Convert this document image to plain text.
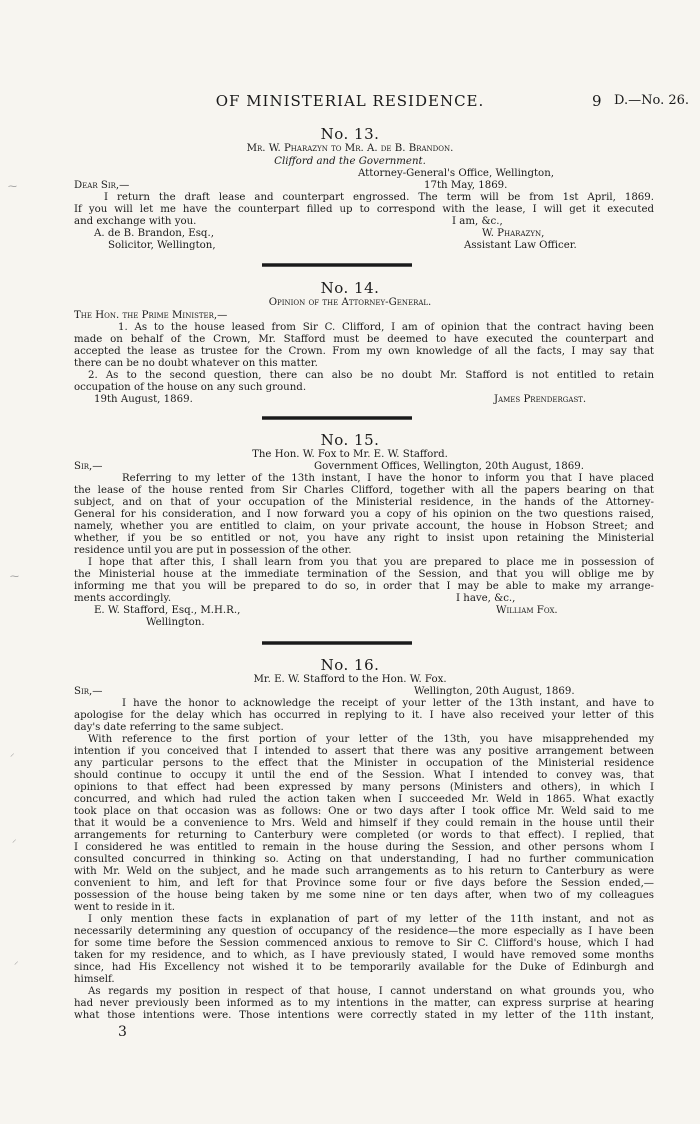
OF MINISTERIAL RESIDENCE.	9 D.—No. 26.
No. 13.
Mr. W. Pharazyn to Mr. A. de B. Brandon.
Clifford and the Government.
Attorney-General's Office, Wellington,
Dear Sir,—	17th May, 1869.
I return the draft lease and counterpart engrossed. The term will be from 1st April, 1869.
If you will let me have the counterpart filled up to correspond with the lease, I will get it executed
and exchange with you.	I am, &c.,
A. de B. Brandon, Esq.,	W. Pharazyn,
Solicitor, Wellington,	Assistant Law Officer.
No. 14.
Opinion of the Attorney-General.
The Hon. the Prime Minister,—
1. As to the house leased from Sir C. Clifford, I am of opinion that the contract having been
made on behalf of the Crown, Mr. Stafford must be deemed to have executed the counterpart and
accepted the lease as trustee for the Crown. From my own knowledge of all the facts, I may say that
there can be no doubt whatever on this matter.
2. As to the second question, there can also be no doubt Mr. Stafford is not entitled to retain
occupation of the house on any such ground.
19th August, 1869.	James Prendergast.
No. 15.
The Hon. W. Fox to Mr. E. W. Stafford.
Sir,—	Government Offices, Wellington, 20th August, 1869.
Referring to my letter of the 13th instant, I have the honor to inform you that I have placed
the lease of the house rented from Sir Charles Clifford, together with all the papers bearing on that
subject, and on that of your occupation of the Ministerial residence, in the hands of the Attorney-
General for his consideration, and I now forward you a copy of his opinion on the two questions raised,
namely, whether you are entitled to claim, on your private account, the house in Hobson Street; and
whether, if you be so entitled or not, you have any right to insist upon retaining the Ministerial
residence until you are put in possession of the other.
I hope that after this, I shall learn from you that you are prepared to place me in possession of
the Ministerial house at the immediate termination of the Session, and that you will oblige me by
informing me that you will be prepared to do so, in order that I may be able to make my arrange-
ments accordingly.	I have, &c.,
E. W. Stafford, Esq., M.H.R.,	William Fox.
Wellington.
No. 16.
Mr. E. W. Stafford to the Hon. W. Fox.
Sir,—	Wellington, 20th August, 1869.
I have the honor to acknowledge the receipt of your letter of the 13th instant, and have to
apologise for the delay which has occurred in replying to it. I have also received your letter of this
day's date referring to the same subject.
With reference to the first portion of your letter of the 13th, you have misapprehended my
intention if you conceived that I intended to assert that there was any positive arrangement between
any particular persons to the effect that the Minister in occupation of the Ministerial residence
should continue to occupy it until the end of the Session. What I intended to convey was, that
opinions to that effect had been expressed by many persons (Ministers and others), in which I
concurred, and which had ruled the action taken when I succeeded Mr. Weld in 1865. What exactly
took place on that occasion was as follows: One or two days after I took office Mr. Weld said to me
that it would be a convenience to Mrs. Weld and himself if they could remain in the house until their
arrangements for returning to Canterbury were completed (or words to that effect). I replied, that
I considered he was entitled to remain in the house during the Session, and other persons whom I
consulted concurred in thinking so. Acting on that understanding, I had no further communication
with Mr. Weld on the subject, and he made such arrangements as to his return to Canterbury as were
convenient to him, and left for that Province some four or five days before the Session ended,—
possession of the house being taken by me some nine or ten days after, when two of my colleagues
went to reside in it.
I only mention these facts in explanation of part of my letter of the 11th instant, and not as
necessarily determining any question of occupancy of the residence—the more especially as I have been
for some time before the Session commenced anxious to remove to Sir C. Clifford's house, which I had
taken for my residence, and to which, as I have previously stated, I would have removed some months
since, had His Excellency not wished it to be temporarily available for the Duke of Edinburgh and
himself.
As regards my position in respect of that house, I cannot understand on what grounds you, who
had never previously been informed as to my intentions in the matter, can express surprise at hearing
what those intentions were. Those intentions were correctly stated in my letter of the 11th instant,
3
⁓
⁓
⸝
⸝
⸝
